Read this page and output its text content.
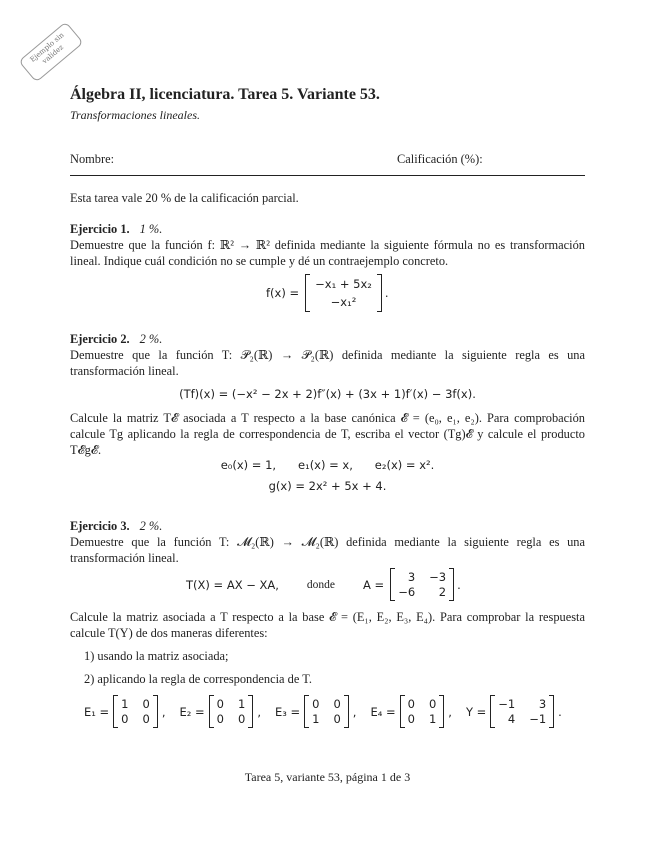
Ejemplo sin
validez
Álgebra II, licenciatura. Tarea 5. Variante 53.
Transformaciones lineales.
Nombre:	Calificación (%):
Esta tarea vale 20 % de la calificación parcial.
Ejercicio 1. 1 %.
Demuestre que la función f: ℝ² → ℝ² definida mediante la siguiente fórmula no es transformación lineal. Indique cuál condición no se cumple y dé un contraejemplo concreto.
f(x) =
−x₁ + 5x₂
−x₁²
.
Ejercicio 2. 2 %.
Demuestre que la función T: 𝒫₂(ℝ) → 𝒫₂(ℝ) definida mediante la siguiente regla es una transformación lineal.
(Tf)(x) = (−x² − 2x + 2)f″(x) + (3x + 1)f′(x) − 3f(x).
Calcule la matriz T𝓔 asociada a T respecto a la base canónica 𝓔 = (e₀, e₁, e₂). Para comprobación calcule Tg aplicando la regla de correspondencia de T, escriba el vector (Tg)𝓔 y calcule el producto T𝓔g𝓔.
e₀(x) = 1,      e₁(x) = x,      e₂(x) = x².
g(x) = 2x² + 5x + 4.
Ejercicio 3. 2 %.
Demuestre que la función T: 𝓜₂(ℝ) → 𝓜₂(ℝ) definida mediante la siguiente regla es una transformación lineal.
T(X) = AX − XA, donde A =
3 −3
−6	2
.
Calcule la matriz asociada a T respecto a la base 𝓔 = (E₁, E₂, E₃, E₄). Para comprobar la respuesta calcule T(Y) de dos maneras diferentes:
1) usando la matriz asociada;
2) aplicando la regla de correspondencia de T.
E₁ =
1 0
0 0
, E₂ =
0 1
0 0
, E₃ =
0 0
1 0
, E₄ =
0 0
0 1
, Y =
−1	3
4 −1
.
Tarea 5, variante 53, página 1 de 3
